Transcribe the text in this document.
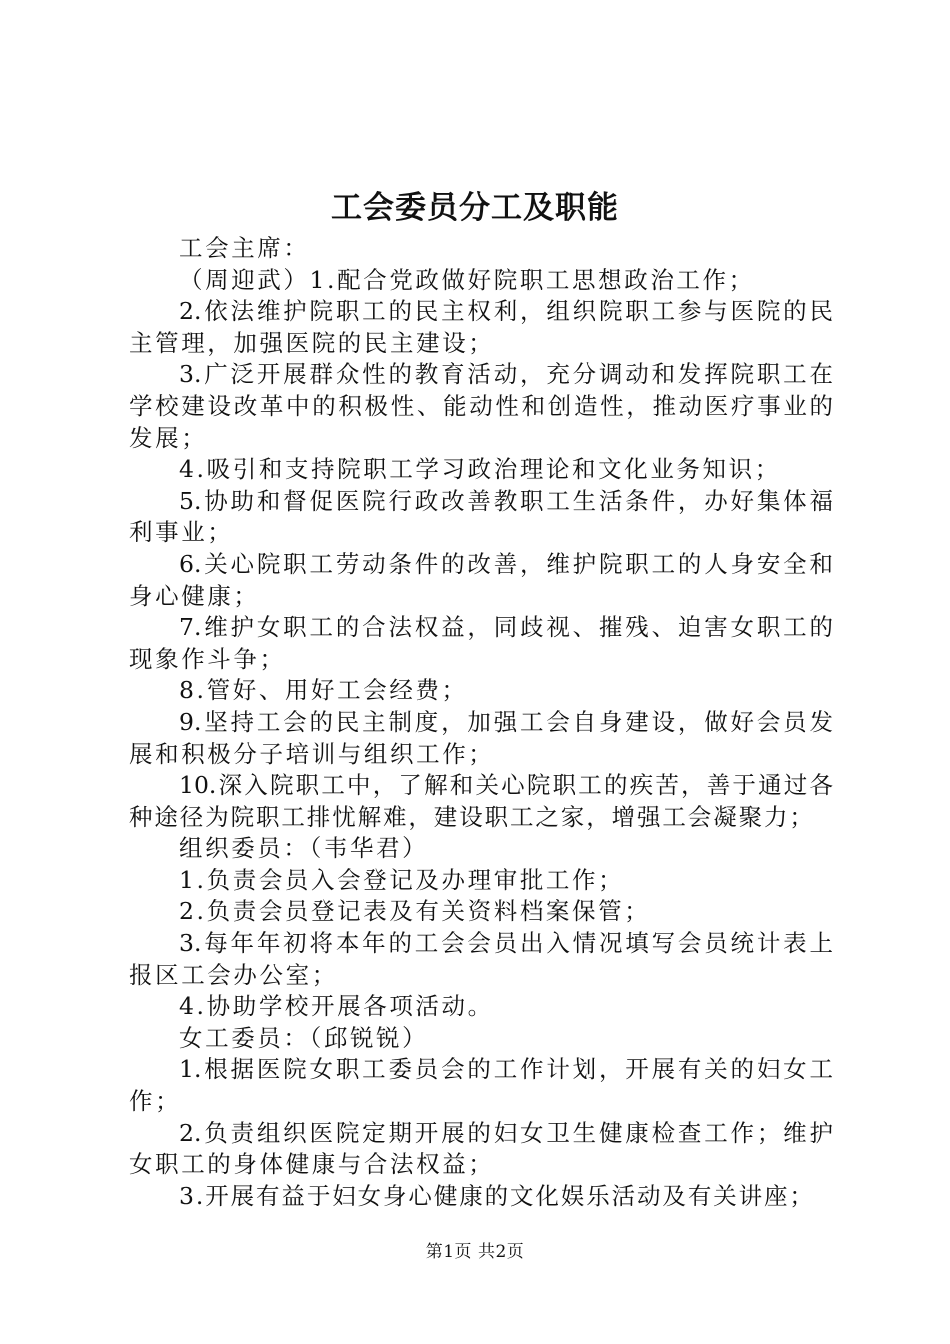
工会委员分工及职能
工会主席：
（周迎武）1.配合党政做好院职工思想政治工作；
2.依法维护院职工的民主权利，组织院职工参与医院的民
主管理，加强医院的民主建设；
3.广泛开展群众性的教育活动，充分调动和发挥院职工在
学校建设改革中的积极性、能动性和创造性，推动医疗事业的
发展；
4.吸引和支持院职工学习政治理论和文化业务知识；
5.协助和督促医院行政改善教职工生活条件，办好集体福
利事业；
6.关心院职工劳动条件的改善，维护院职工的人身安全和
身心健康；
7.维护女职工的合法权益，同歧视、摧残、迫害女职工的
现象作斗争；
8.管好、用好工会经费；
9.坚持工会的民主制度，加强工会自身建设，做好会员发
展和积极分子培训与组织工作；
10.深入院职工中，了解和关心院职工的疾苦，善于通过各
种途径为院职工排忧解难，建设职工之家，增强工会凝聚力；
组织委员：（韦华君）
1.负责会员入会登记及办理审批工作；
2.负责会员登记表及有关资料档案保管；
3.每年年初将本年的工会会员出入情况填写会员统计表上
报区工会办公室；
4.协助学校开展各项活动。
女工委员：（邱锐锐）
1.根据医院女职工委员会的工作计划，开展有关的妇女工
作；
2.负责组织医院定期开展的妇女卫生健康检查工作；维护
女职工的身体健康与合法权益；
3.开展有益于妇女身心健康的文化娱乐活动及有关讲座；
第1页 共2页
